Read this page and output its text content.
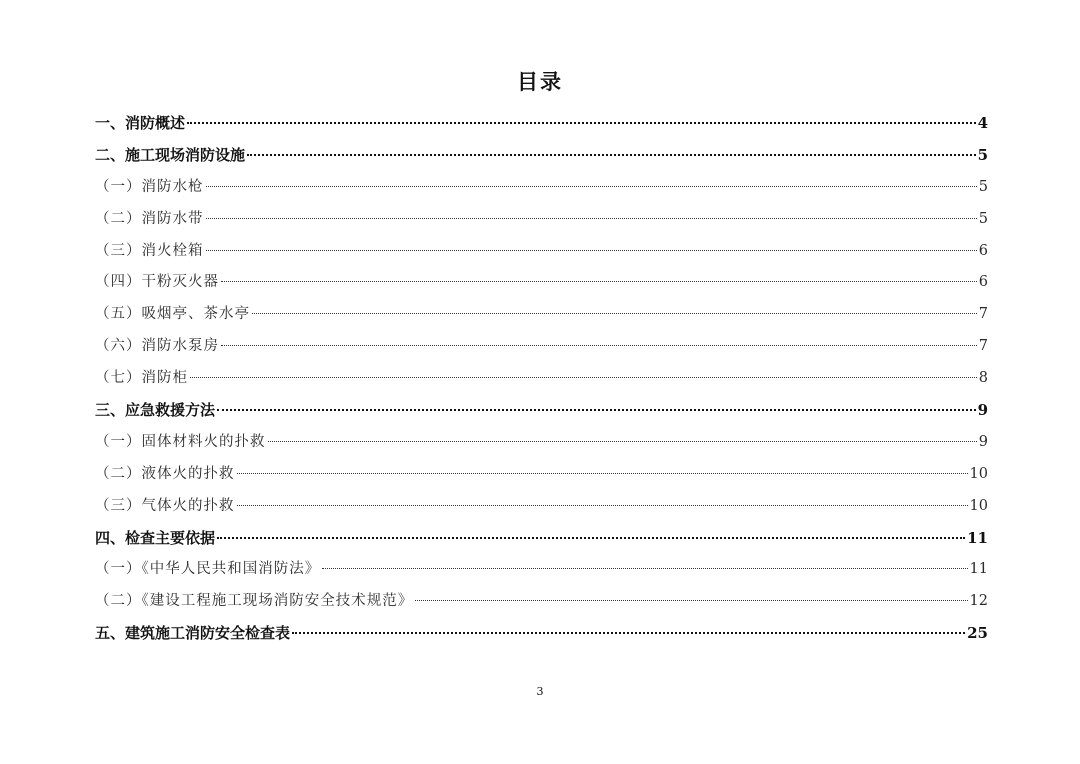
目录
一、消防概述	4
二、施工现场消防设施	5
（一）消防水枪	5
（二）消防水带	5
（三）消火栓箱	6
（四）干粉灭火器	6
（五）吸烟亭、茶水亭	7
（六）消防水泵房	7
（七）消防柜	8
三、应急救援方法	9
（一）固体材料火的扑救	9
（二）液体火的扑救	10
（三）气体火的扑救	10
四、检查主要依据	11
（一）《中华人民共和国消防法》	11
（二）《建设工程施工现场消防安全技术规范》	12
五、建筑施工消防安全检查表	25
3
